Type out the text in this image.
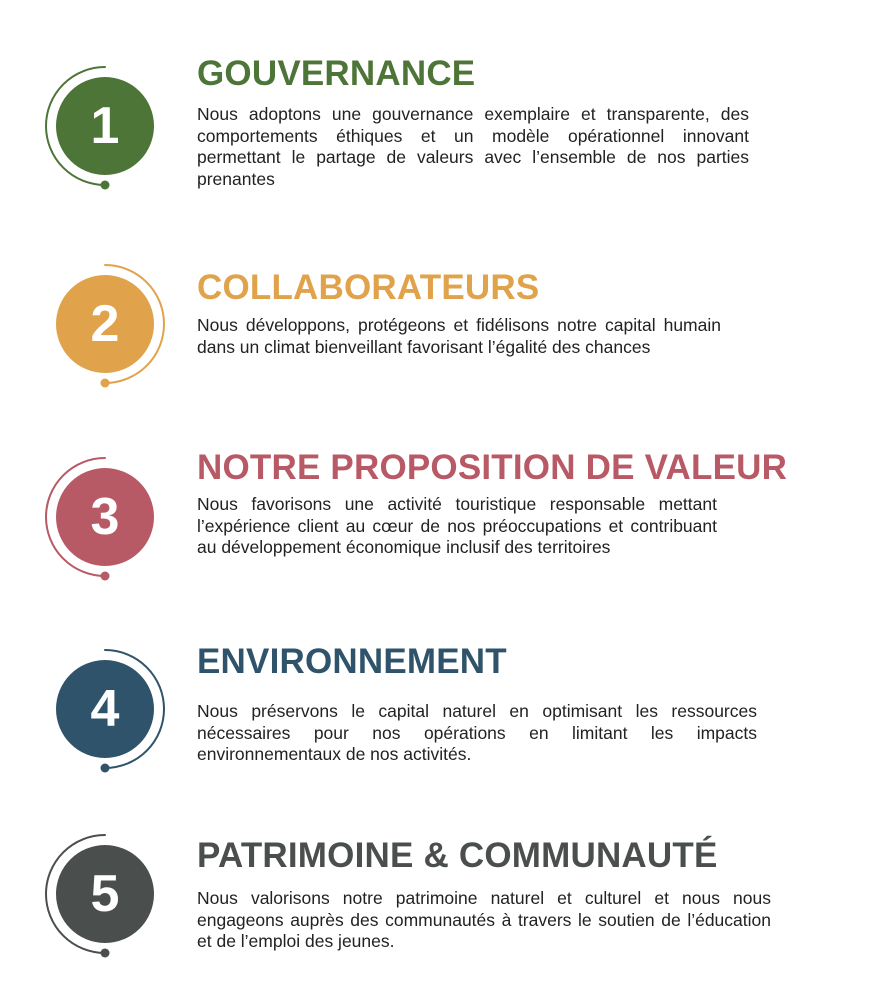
1
GOUVERNANCE

Nous adoptons une gouvernance exemplaire et transparente, des comportements éthiques et un modèle opérationnel innovant permettant le partage de valeurs avec l’ensemble de nos parties prenantes

2
COLLABORATEURS

Nous développons, protégeons et fidélisons notre capital humain dans un climat bienveillant favorisant l’égalité des chances

3
NOTRE PROPOSITION DE VALEUR

Nous favorisons une activité touristique responsable mettant l’expérience client au cœur de nos préoccupations et contribuant au développement économique inclusif des territoires

4
ENVIRONNEMENT

Nous préservons le capital naturel en optimisant les ressources nécessaires pour nos opérations en limitant les impacts environnementaux de nos activités.

5
PATRIMOINE & COMMUNAUTÉ

Nous valorisons notre patrimoine naturel et culturel et nous nous engageons auprès des communautés à travers le soutien de l’éducation et de l’emploi des jeunes.
